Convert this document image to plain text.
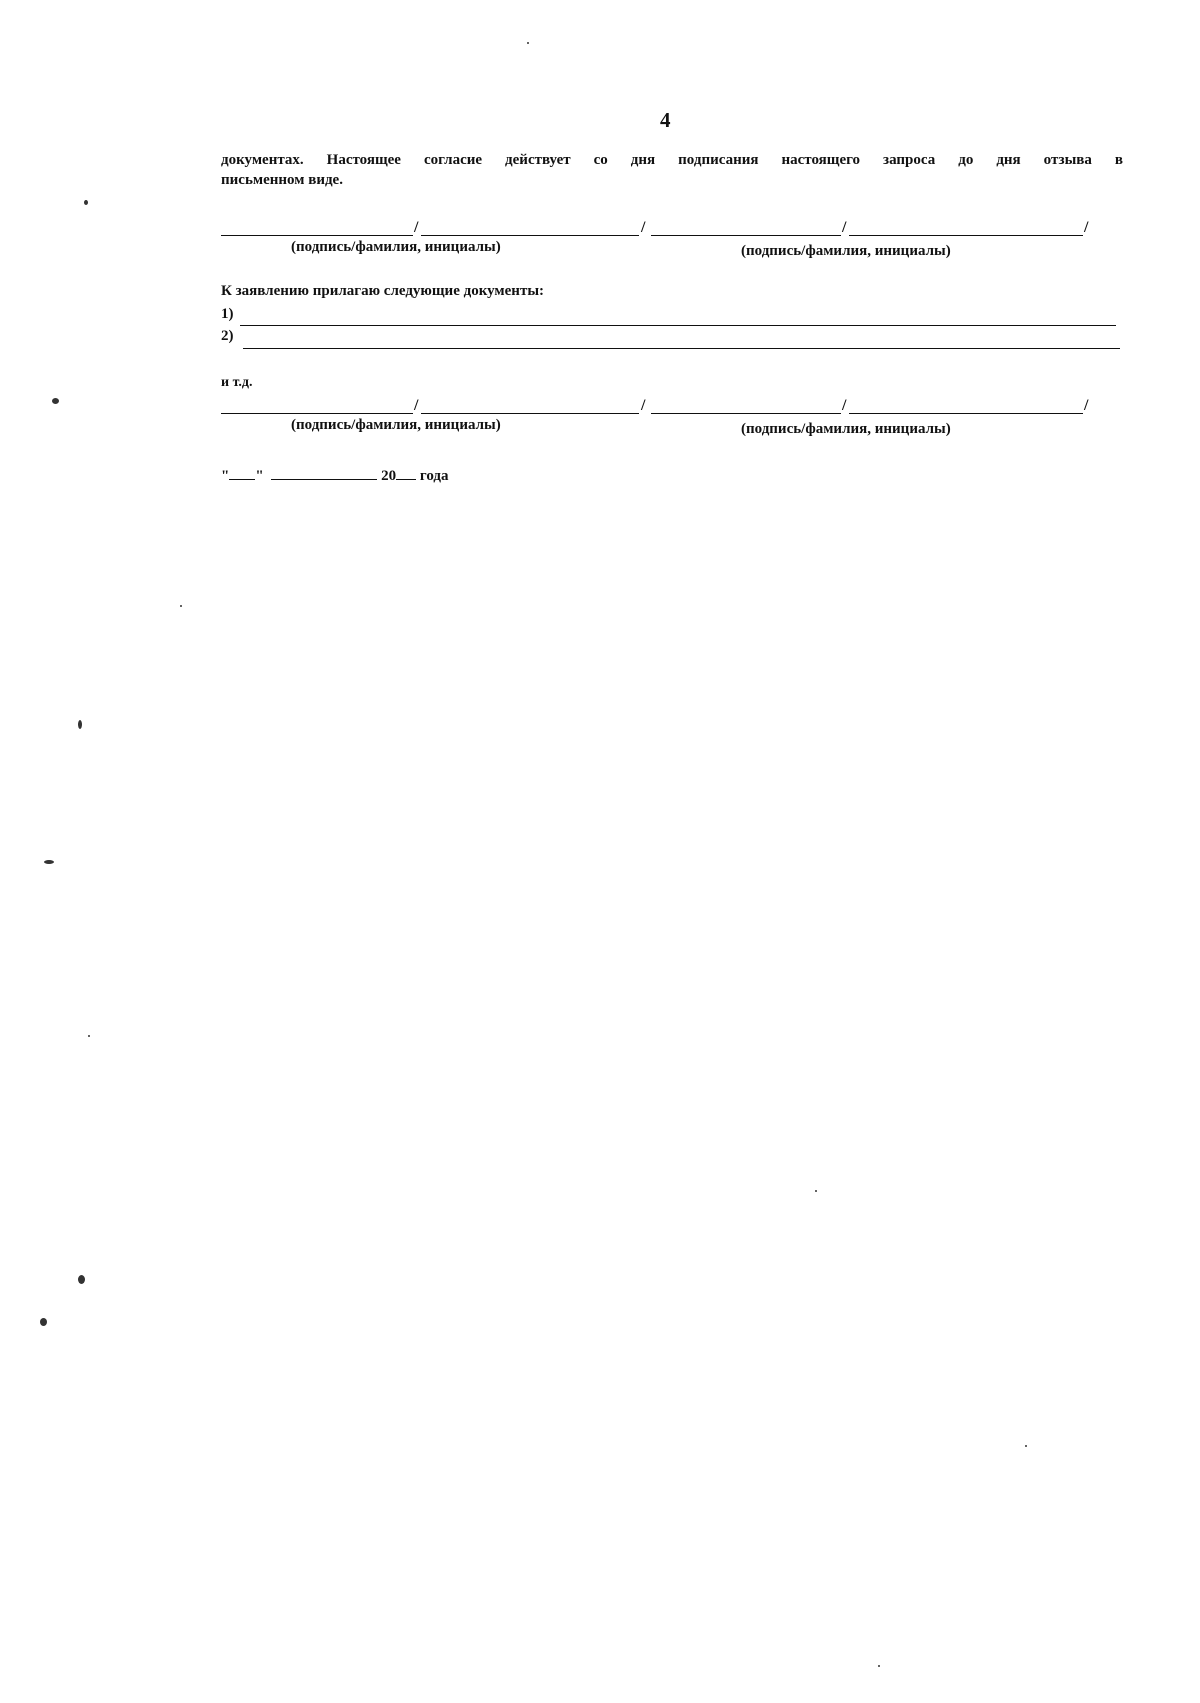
4
документах. Настоящее согласие действует со дня подписания настоящего запроса до дня отзыва в
письменном виде.
/	/	/	/
(подпись/фамилия, инициалы)	(подпись/фамилия, инициалы)
К заявлению прилагаю следующие документы:
1)
2)
и т.д.
/	/	/	/
(подпись/фамилия, инициалы)	(подпись/фамилия, инициалы)
" "	20 года
